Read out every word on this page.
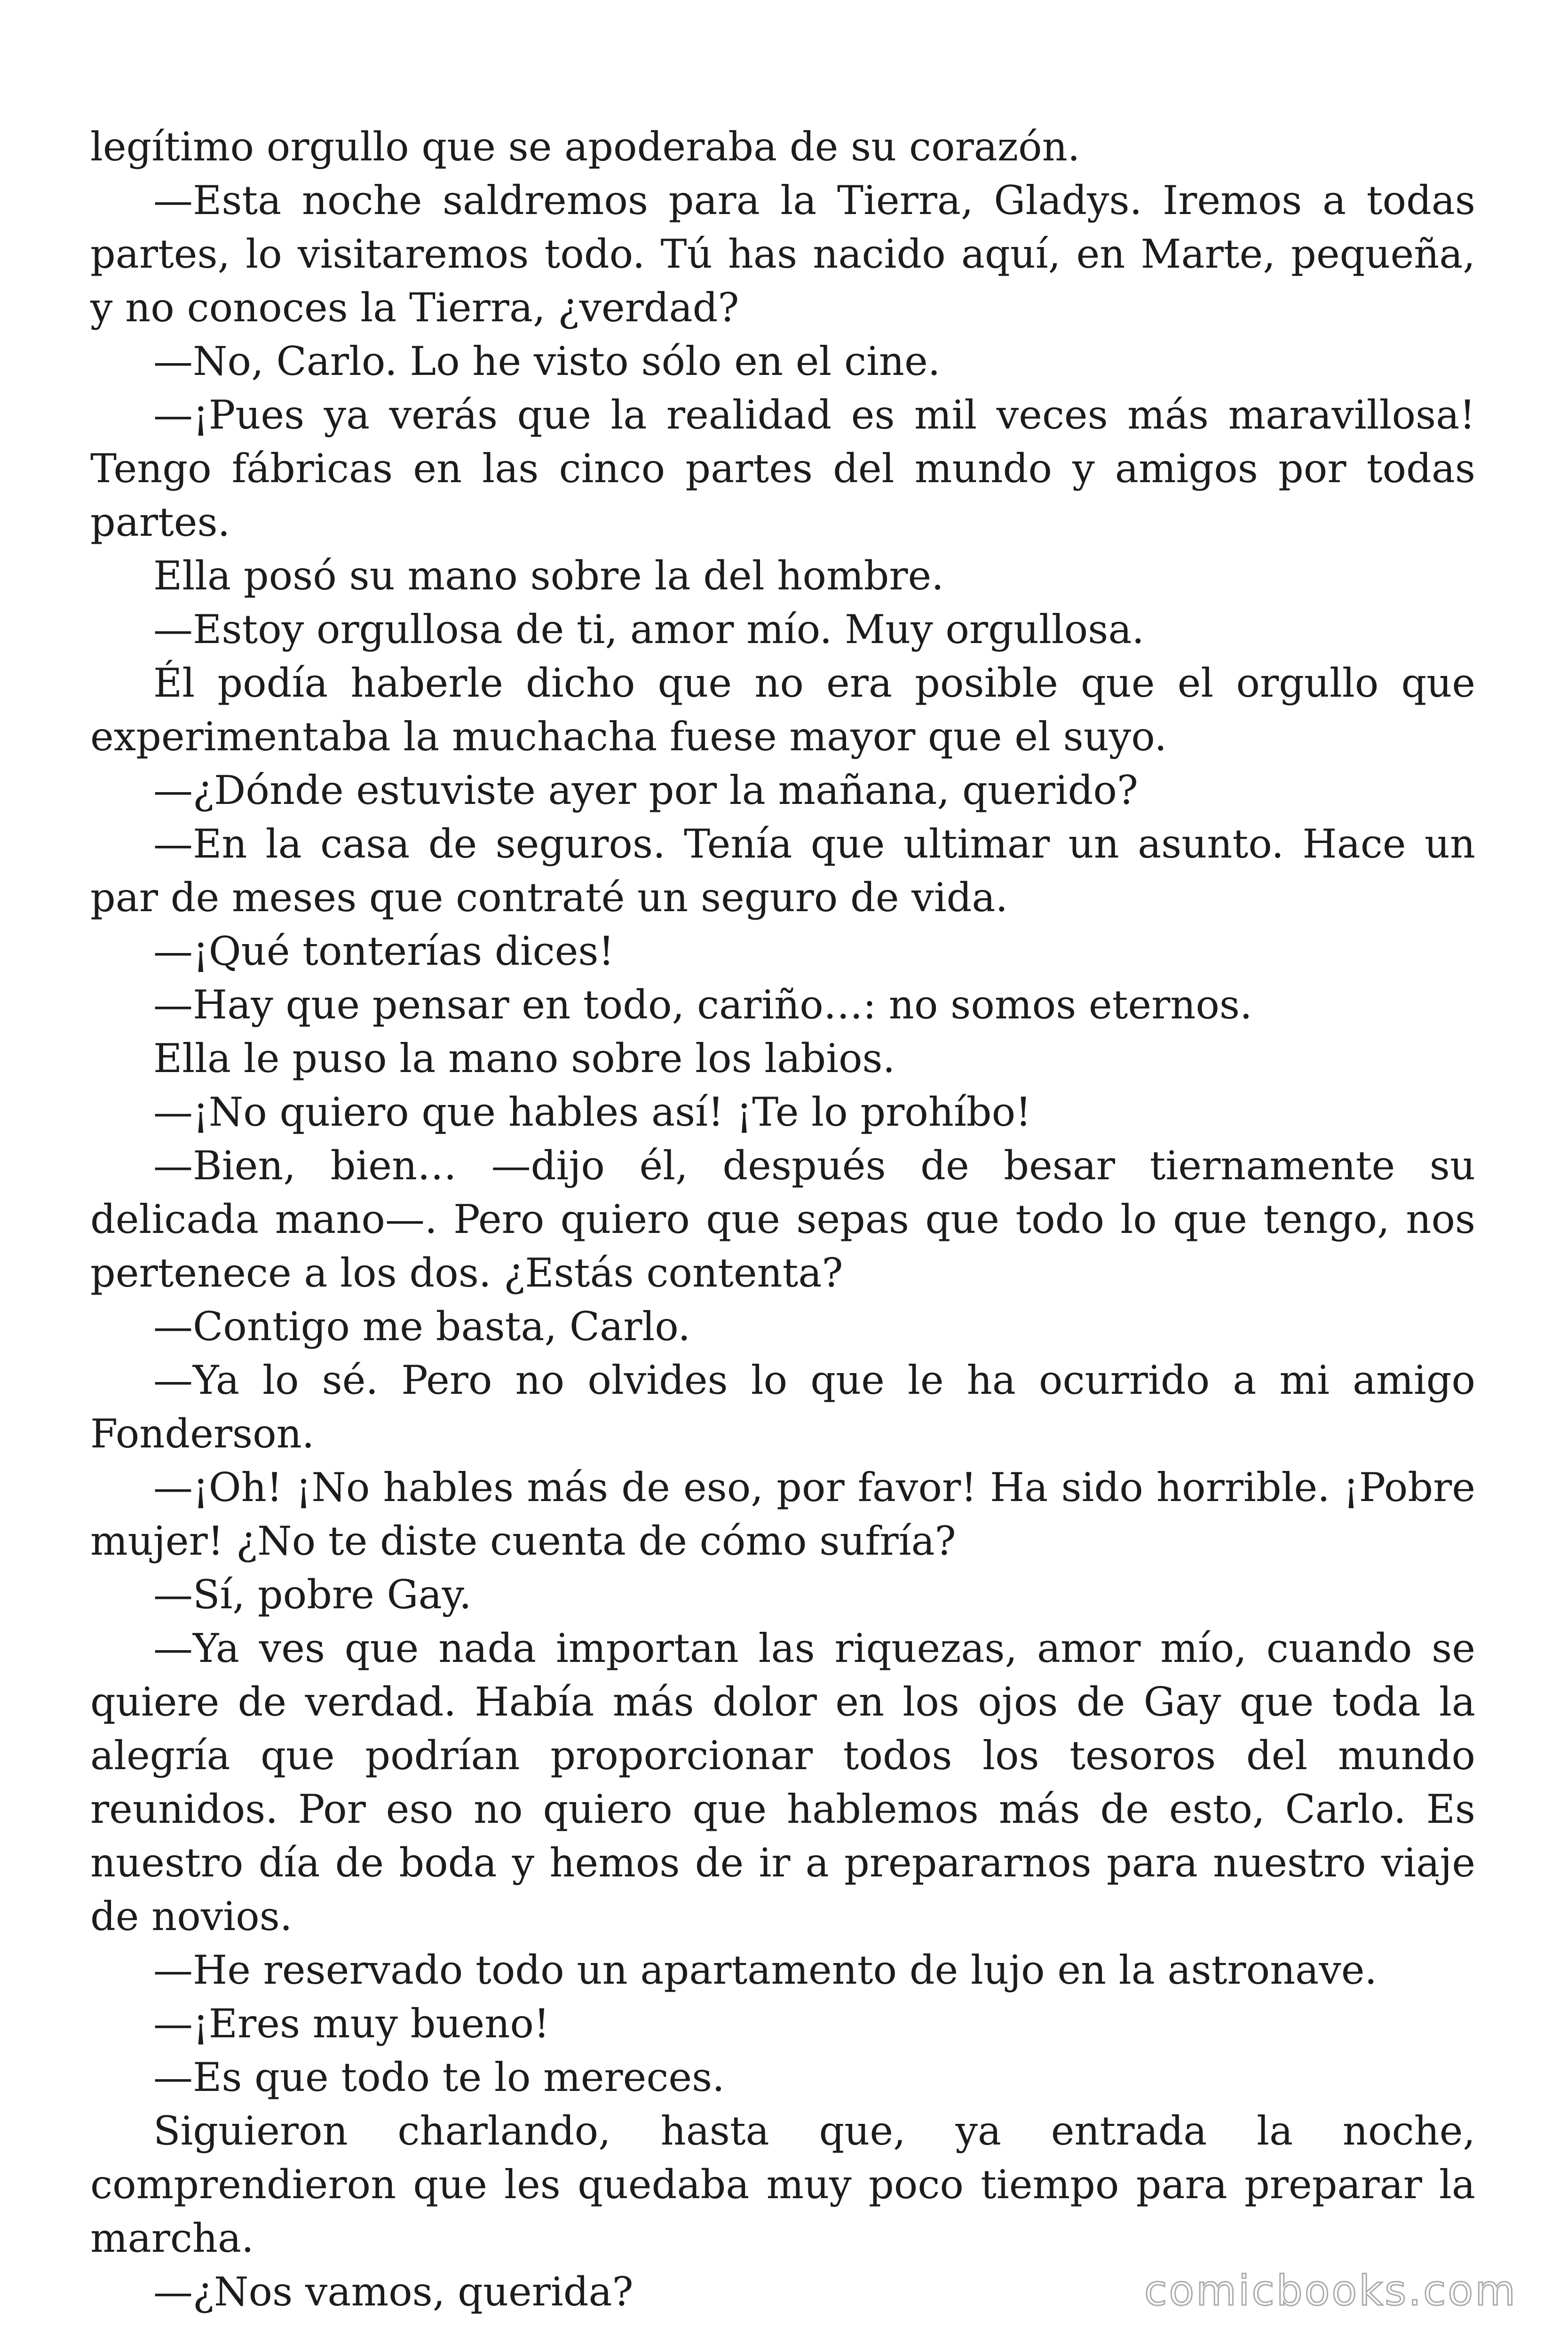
legítimo orgullo que se apoderaba de su corazón.

—Esta noche saldremos para la Tierra, Gladys. Iremos a todas partes, lo visitaremos todo. Tú has nacido aquí, en Marte, pequeña, y no conoces la Tierra, ¿verdad?

—No, Carlo. Lo he visto sólo en el cine.

—¡Pues ya verás que la realidad es mil veces más maravillosa! Tengo fábricas en las cinco partes del mundo y amigos por todas partes.

Ella posó su mano sobre la del hombre.

—Estoy orgullosa de ti, amor mío. Muy orgullosa.

Él podía haberle dicho que no era posible que el orgullo que experimentaba la muchacha fuese mayor que el suyo.

—¿Dónde estuviste ayer por la mañana, querido?

—En la casa de seguros. Tenía que ultimar un asunto. Hace un par de meses que contraté un seguro de vida.

—¡Qué tonterías dices!

—Hay que pensar en todo, cariño…: no somos eternos.

Ella le puso la mano sobre los labios.

—¡No quiero que hables así! ¡Te lo prohíbo!

—Bien, bien… —dijo él, después de besar tiernamente su delicada mano—. Pero quiero que sepas que todo lo que tengo, nos pertenece a los dos. ¿Estás contenta?

—Contigo me basta, Carlo.

—Ya lo sé. Pero no olvides lo que le ha ocurrido a mi amigo Fonderson.

—¡Oh! ¡No hables más de eso, por favor! Ha sido horrible. ¡Pobre mujer! ¿No te diste cuenta de cómo sufría?

—Sí, pobre Gay.

—Ya ves que nada importan las riquezas, amor mío, cuando se quiere de verdad. Había más dolor en los ojos de Gay que toda la alegría que podrían proporcionar todos los tesoros del mundo reunidos. Por eso no quiero que hablemos más de esto, Carlo. Es nuestro día de boda y hemos de ir a prepararnos para nuestro viaje de novios.

—He reservado todo un apartamento de lujo en la astronave.

—¡Eres muy bueno!

—Es que todo te lo mereces.

Siguieron charlando, hasta que, ya entrada la noche, comprendieron que les quedaba muy poco tiempo para preparar la marcha.

—¿Nos vamos, querida?	comicbooks.com
